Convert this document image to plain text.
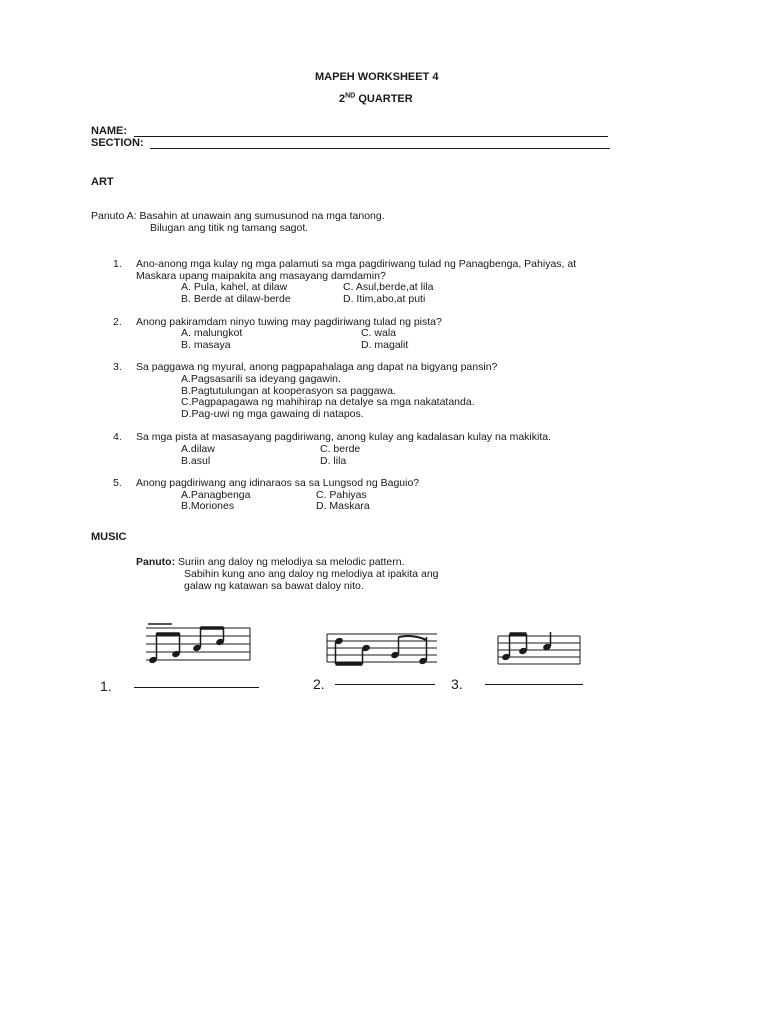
MAPEH WORKSHEET 4
2ND QUARTER
NAME:
SECTION:
ART
Panuto A: Basahin at unawain ang sumusunod na mga tanong.
Bilugan ang titik ng tamang sagot.
1. Ano-anong mga kulay ng mga palamuti sa mga pagdiriwang tulad ng Panagbenga, Pahiyas, at
Maskara upang maipakita ang masayang damdamin?
A. Pula, kahel, at dilaw	C. Asul,berde,at lila
B. Berde at dilaw-berde	D. Itim,abo,at puti
2. Anong pakiramdam ninyo tuwing may pagdiriwang tulad ng pista?
A. malungkot	C. wala
B. masaya	D. magalit
3. Sa paggawa ng myural, anong pagpapahalaga ang dapat na bigyang pansin?
A.Pagsasarili sa ideyang gagawin.
B.Pagtutulungan at kooperasyon sa paggawa.
C.Pagpapagawa ng mahihirap na detalye sa mga nakatatanda.
D.Pag-uwi ng mga gawaing di natapos.
4. Sa mga pista at masasayang pagdiriwang, anong kulay ang kadalasan kulay na makikita.
A.dilaw	C. berde
B.asul	D. lila
5. Anong pagdiriwang ang idinaraos sa sa Lungsod ng Baguio?
A.Panagbenga	C. Pahiyas
B.Moriones	D. Maskara
MUSIC
Panuto: Suriin ang daloy ng melodiya sa melodic pattern.
Sabihin kung ano ang daloy ng melodiya at ipakita ang
galaw ng katawan sa bawat daloy nito.
1.	2.	3.
